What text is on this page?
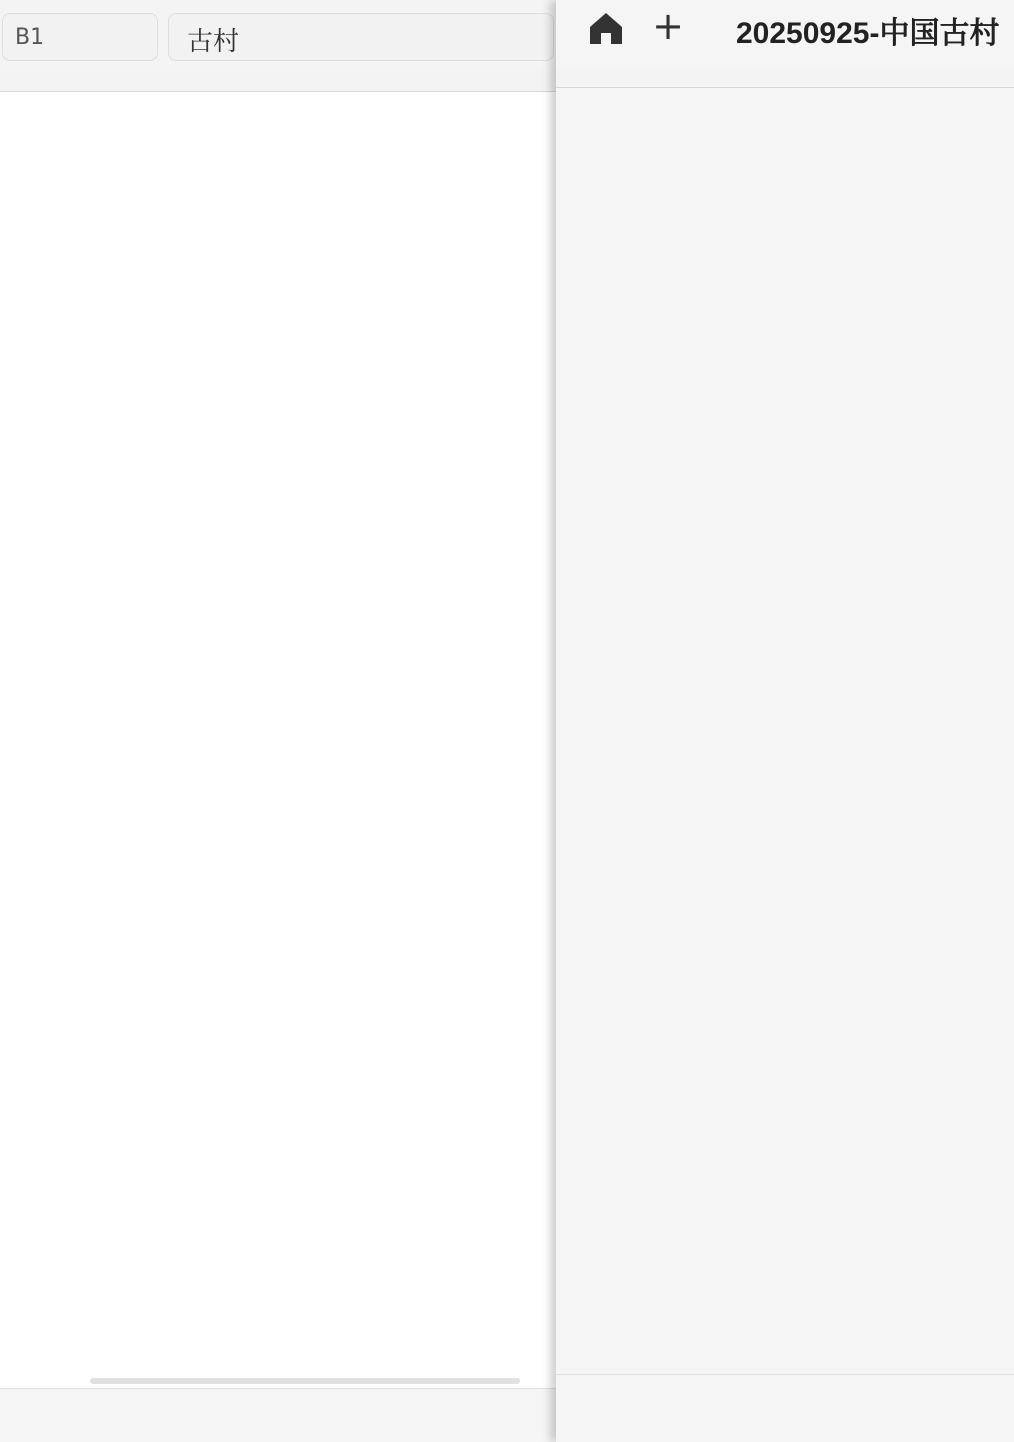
B1	古村	+ 20250925-中国古村
